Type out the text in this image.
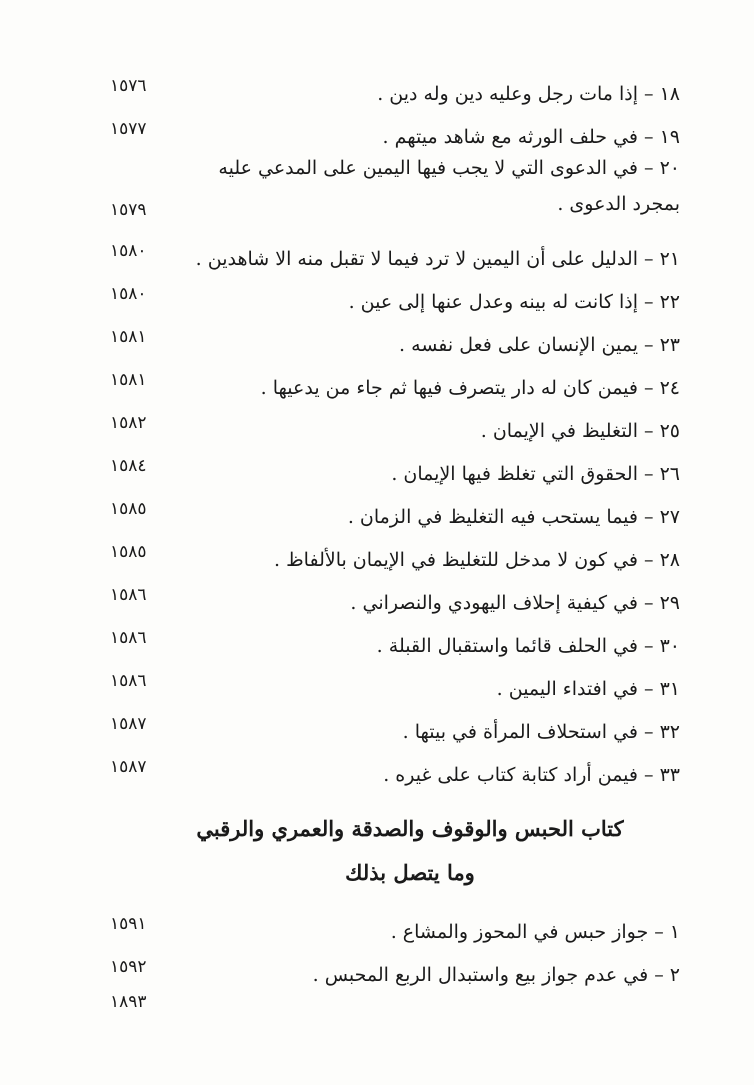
١٨ – إذا مات رجل وعليه دين وله دين .
١٥٧٦
١٩ – في حلف الورثه مع شاهد ميتهم .
١٥٧٧
٢٠ – في الدعوى التي لا يجب فيها اليمين على المدعي عليه بمجرد الدعوى .
١٥٧٩
٢١ – الدليل على أن اليمين لا ترد فيما لا تقبل منه الا شاهدين .
١٥٨٠
٢٢ – إذا كانت له بينه وعدل عنها إلى عين .
١٥٨٠
٢٣ – يمين الإنسان على فعل نفسه .
١٥٨١
٢٤ – فيمن كان له دار يتصرف فيها ثم جاء من يدعيها .
١٥٨١
٢٥ – التغليظ في الإيمان .
١٥٨٢
٢٦ – الحقوق التي تغلظ فيها الإيمان .
١٥٨٤
٢٧ – فيما يستحب فيه التغليظ في الزمان .
١٥٨٥
٢٨ – في كون لا مدخل للتغليظ في الإيمان بالألفاظ .
١٥٨٥
٢٩ – في كيفية إحلاف اليهودي والنصراني .
١٥٨٦
٣٠ – في الحلف قائما واستقبال القبلة .
١٥٨٦
٣١ – في افتداء اليمين .
١٥٨٦
٣٢ – في استحلاف المرأة في بيتها .
١٥٨٧
٣٣ – فيمن أراد كتابة كتاب على غيره .
١٥٨٧
كتاب الحبس والوقوف والصدقة والعمري والرقبي
وما يتصل بذلك
١ – جواز حبس في المحوز والمشاع .
١٥٩١
٢ – في عدم جواز بيع واستبدال الربع المحبس .
١٥٩٢
١٨٩٣
